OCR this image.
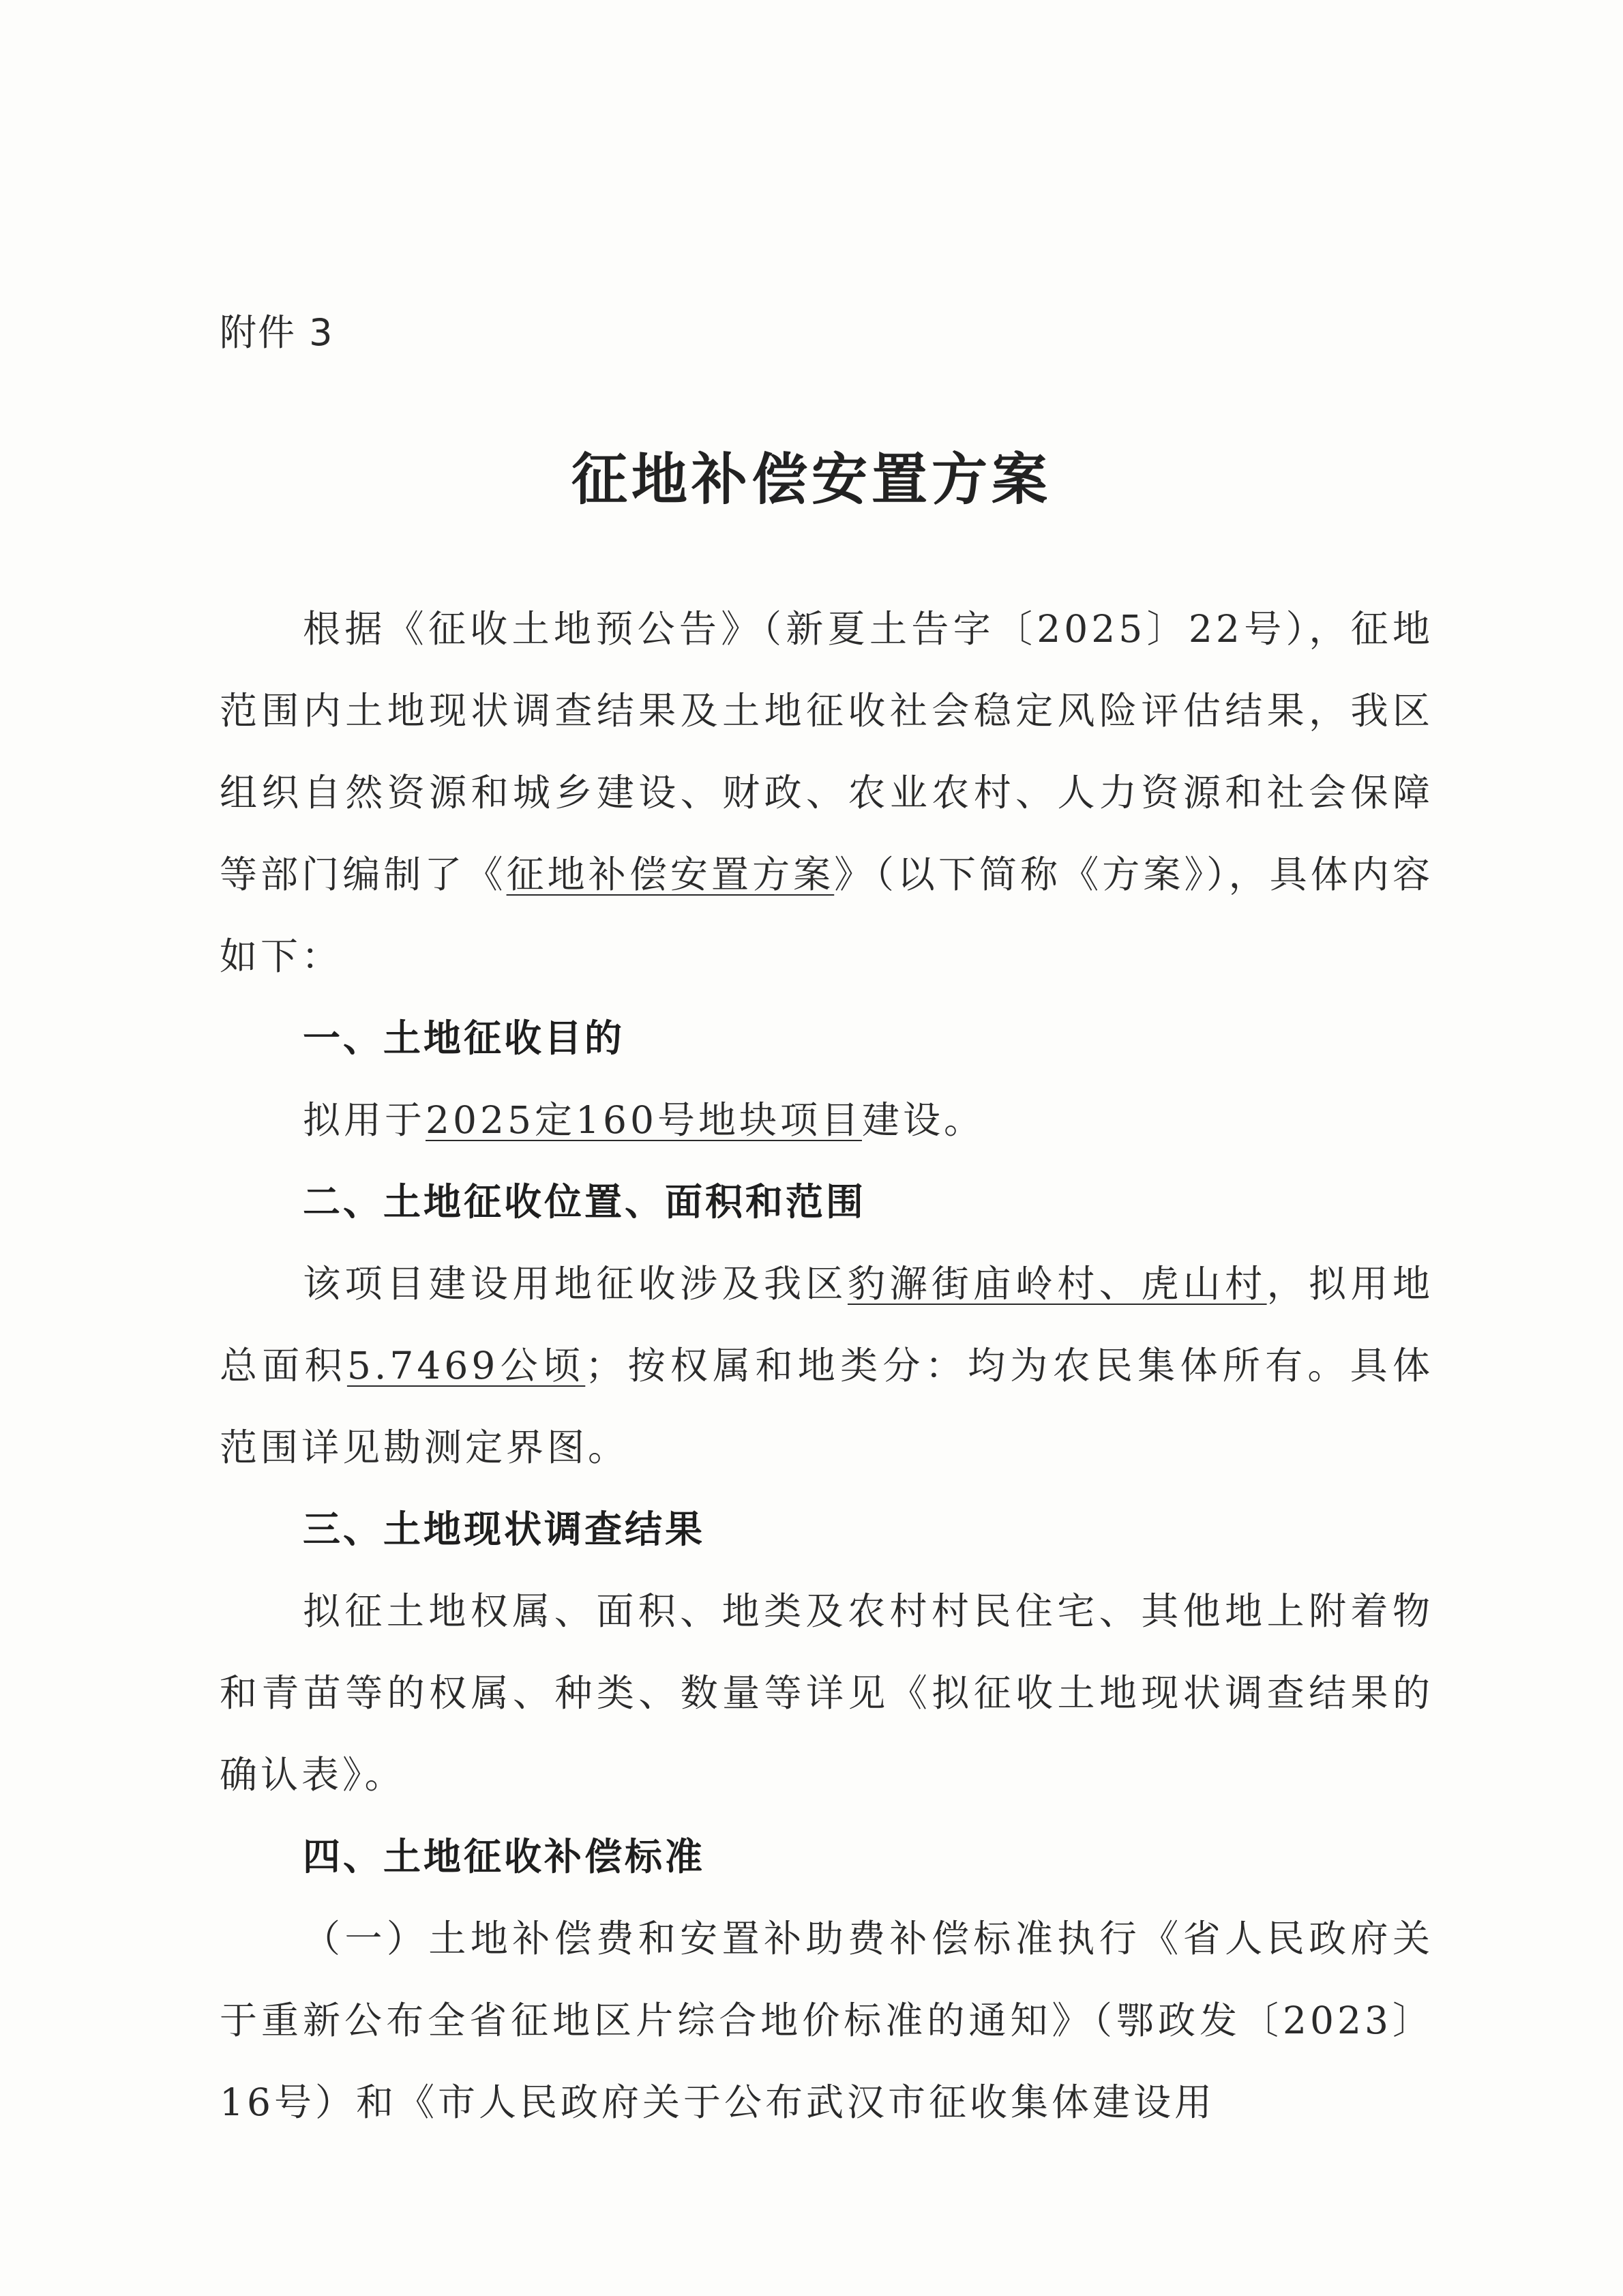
附件 3
征地补偿安置方案

根据《征收土地预公告》（新夏土告字〔2025〕22号），征地范围内土地现状调查结果及土地征收社会稳定风险评估结果，我区组织自然资源和城乡建设、财政、农业农村、人力资源和社会保障等部门编制了《征地补偿安置方案》（以下简称《方案》），具体内容如下：

一、土地征收目的

拟用于2025定160号地块项目建设。

二、土地征收位置、面积和范围

该项目建设用地征收涉及我区豹澥街庙岭村、虎山村，拟用地总面积5.7469公顷；按权属和地类分：均为农民集体所有。具体范围详见勘测定界图。

三、土地现状调查结果

拟征土地权属、面积、地类及农村村民住宅、其他地上附着物和青苗等的权属、种类、数量等详见《拟征收土地现状调查结果的确认表》。

四、土地征收补偿标准

（一）土地补偿费和安置补助费补偿标准执行《省人民政府关于重新公布全省征地区片综合地价标准的通知》（鄂政发〔2023〕16号）和《市人民政府关于公布武汉市征收集体建设用
